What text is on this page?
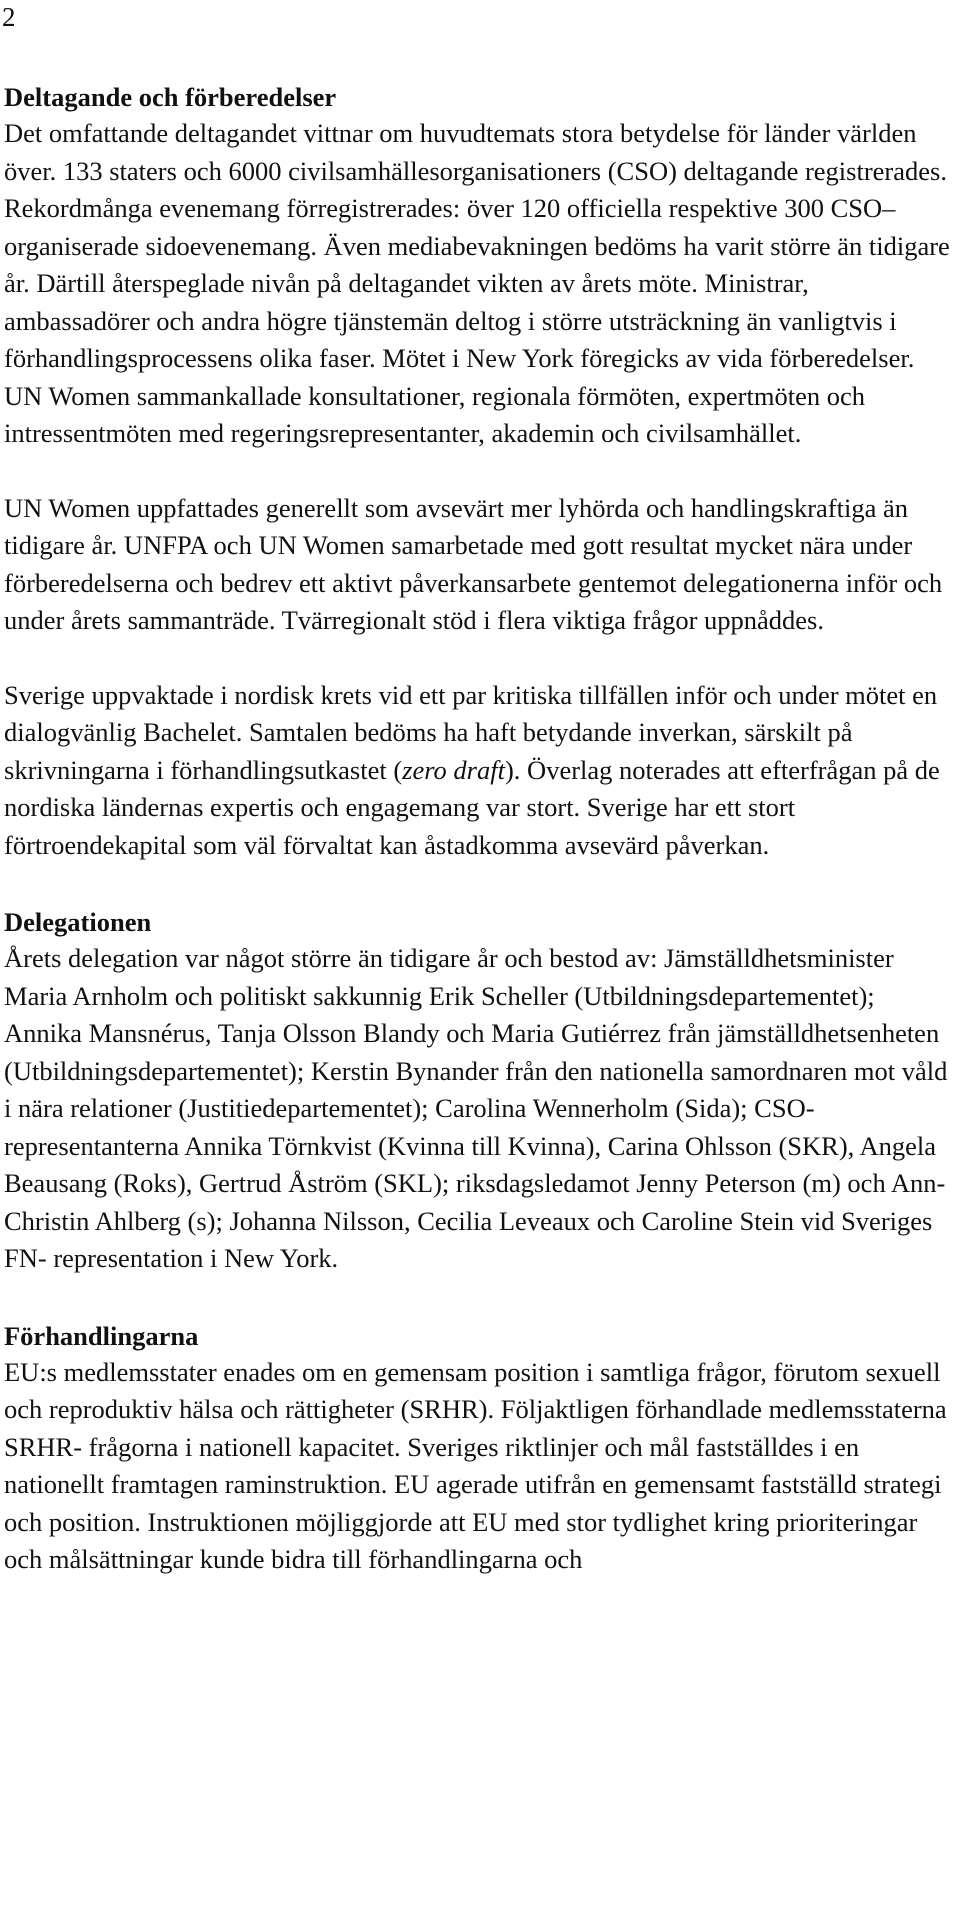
2
Deltagande och förberedelser

Det omfattande deltagandet vittnar om huvudtemats stora betydelse för länder världen över. 133 staters och 6000 civilsamhällesorganisationers (CSO) deltagande registrerades. Rekordmånga evenemang förregistrerades: över 120 officiella respektive 300 CSO– organiserade sidoevenemang. Även mediabevakningen bedöms ha varit större än tidigare år. Därtill återspeglade nivån på deltagandet vikten av årets möte. Ministrar, ambassadörer och andra högre tjänstemän deltog i större utsträckning än vanligtvis i förhandlingsprocessens olika faser. Mötet i New York föregicks av vida förberedelser. UN Women sammankallade konsultationer, regionala förmöten, expertmöten och intressentmöten med regeringsrepresentanter, akademin och civilsamhället.

UN Women uppfattades generellt som avsevärt mer lyhörda och handlingskraftiga än tidigare år. UNFPA och UN Women samarbetade med gott resultat mycket nära under förberedelserna och bedrev ett aktivt påverkansarbete gentemot delegationerna inför och under årets sammanträde. Tvärregionalt stöd i flera viktiga frågor uppnåddes.

Sverige uppvaktade i nordisk krets vid ett par kritiska tillfällen inför och under mötet en dialogvänlig Bachelet. Samtalen bedöms ha haft betydande inverkan, särskilt på skrivningarna i förhandlingsutkastet (zero draft). Överlag noterades att efterfrågan på de nordiska ländernas expertis och engagemang var stort. Sverige har ett stort förtroendekapital som väl förvaltat kan åstadkomma avsevärd påverkan.

Delegationen

Årets delegation var något större än tidigare år och bestod av: Jämställdhetsminister Maria Arnholm och politiskt sakkunnig Erik Scheller (Utbildningsdepartementet); Annika Mansnérus, Tanja Olsson Blandy och Maria Gutiérrez från jämställdhetsenheten (Utbildningsdepartementet); Kerstin Bynander från den nationella samordnaren mot våld i nära relationer (Justitiedepartementet); Carolina Wennerholm (Sida); CSO- representanterna Annika Törnkvist (Kvinna till Kvinna), Carina Ohlsson (SKR), Angela Beausang (Roks), Gertrud Åström (SKL); riksdagsledamot Jenny Peterson (m) och Ann-Christin Ahlberg (s); Johanna Nilsson, Cecilia Leveaux och Caroline Stein vid Sveriges FN- representation i New York.

Förhandlingarna

EU:s medlemsstater enades om en gemensam position i samtliga frågor, förutom sexuell och reproduktiv hälsa och rättigheter (SRHR). Följaktligen förhandlade medlemsstaterna SRHR- frågorna i nationell kapacitet. Sveriges riktlinjer och mål fastställdes i en nationellt framtagen raminstruktion. EU agerade utifrån en gemensamt fastställd strategi och position. Instruktionen möjliggjorde att EU med stor tydlighet kring prioriteringar och målsättningar kunde bidra till förhandlingarna och
